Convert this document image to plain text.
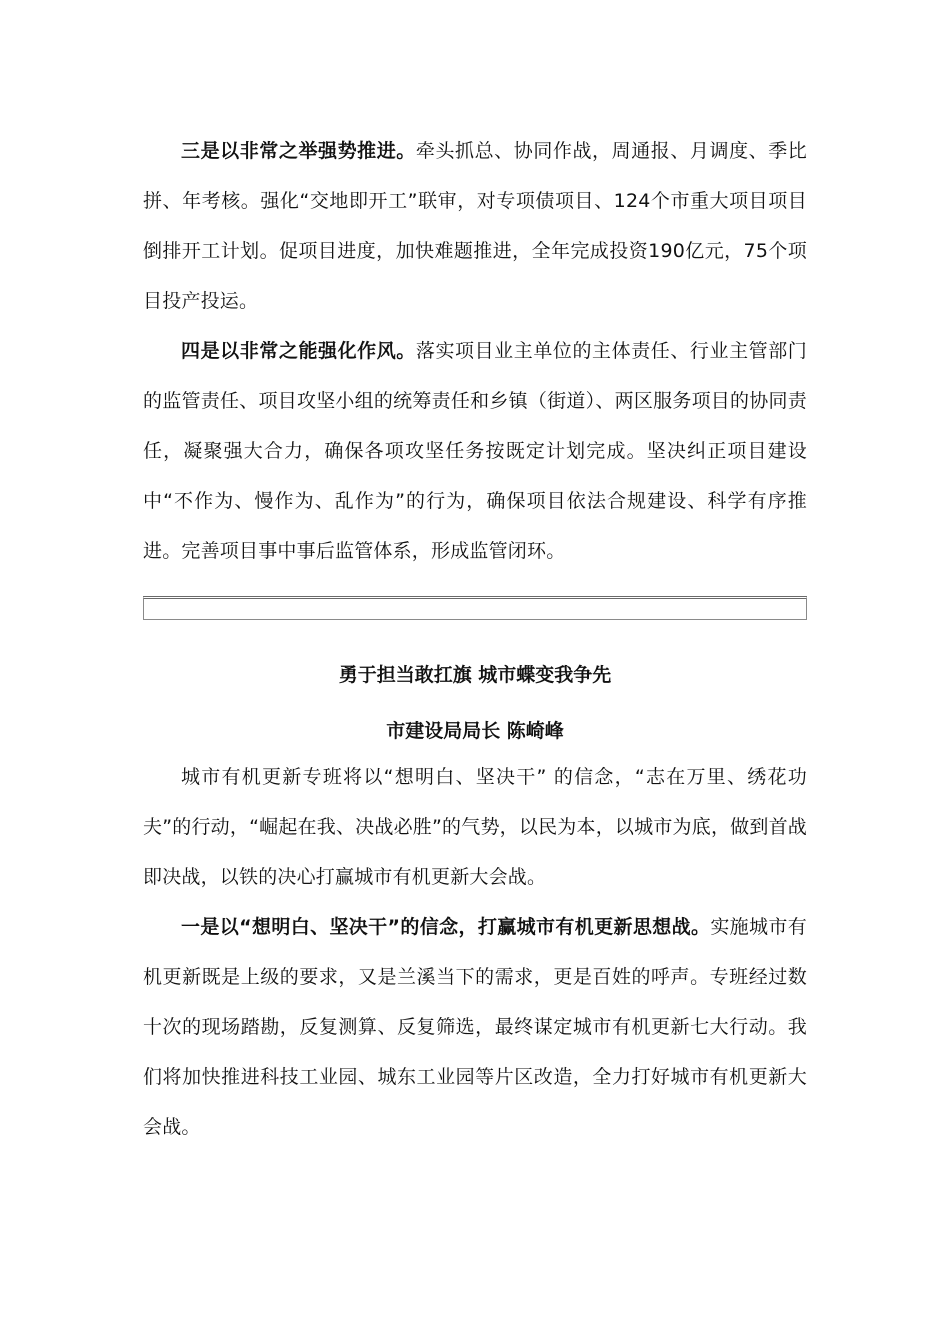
三是以非常之举强势推进。牵头抓总、协同作战，周通报、月调度、季比拼、年考核。强化“交地即开工”联审，对专项债项目、124个市重大项目项目倒排开工计划。促项目进度，加快难题推进，全年完成投资190亿元，75个项目投产投运。

四是以非常之能强化作风。落实项目业主单位的主体责任、行业主管部门的监管责任、项目攻坚小组的统筹责任和乡镇（街道）、两区服务项目的协同责任，凝聚强大合力，确保各项攻坚任务按既定计划完成。坚决纠正项目建设中“不作为、慢作为、乱作为”的行为，确保项目依法合规建设、科学有序推进。完善项目事中事后监管体系，形成监管闭环。

勇于担当敢扛旗 城市蝶变我争先

市建设局局长 陈崎峰

城市有机更新专班将以“想明白、坚决干” 的信念，“志在万里、绣花功夫”的行动，“崛起在我、决战必胜”的气势，以民为本，以城市为底，做到首战即决战，以铁的决心打赢城市有机更新大会战。

一是以“想明白、坚决干”的信念，打赢城市有机更新思想战。实施城市有机更新既是上级的要求，又是兰溪当下的需求，更是百姓的呼声。专班经过数十次的现场踏勘，反复测算、反复筛选，最终谋定城市有机更新七大行动。我们将加快推进科技工业园、城东工业园等片区改造，全力打好城市有机更新大会战。
